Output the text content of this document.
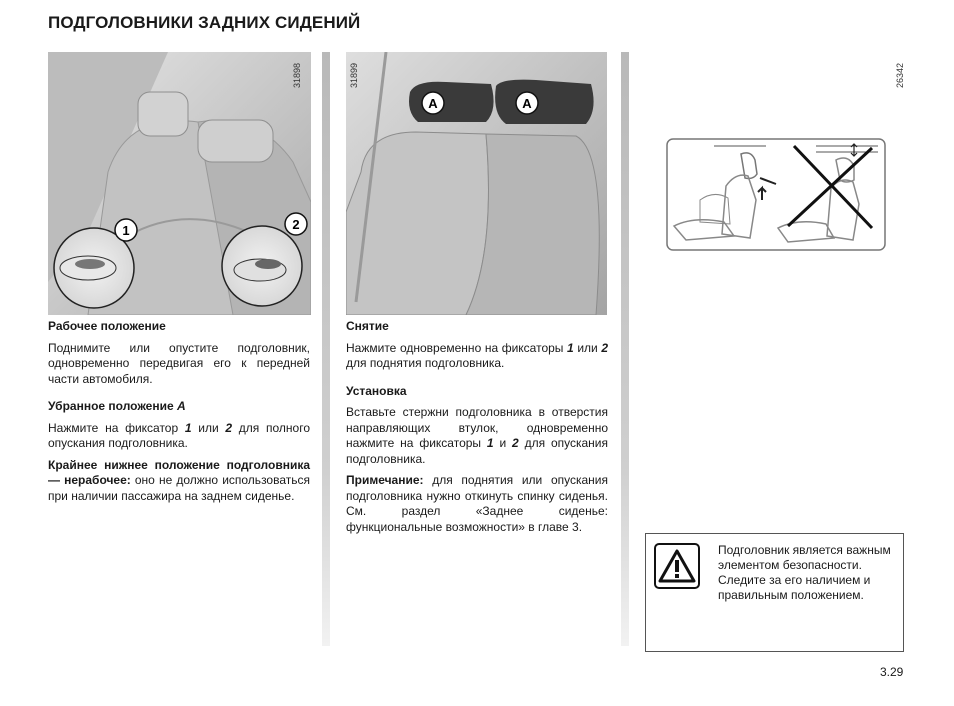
ПОДГОЛОВНИКИ ЗАДНИХ СИДЕНИЙ
1	2
31898
A	A
31899	26342

Рабочее положение

Поднимите или опустите подголовник, одновременно передвигая его к передней части автомобиля.

Убранное положение A

Нажмите на фиксатор 1 или 2 для полного опускания подголовника.

Крайнее нижнее положение подголовника — нерабочее: оно не должно использоваться при наличии пассажира на заднем сиденье.

Снятие

Нажмите одновременно на фиксаторы 1 или 2 для поднятия подголовника.

Установка

Вставьте стержни подголовника в отверстия направляющих втулок, одновременно нажмите на фиксаторы 1 и 2 для опускания подголовника.

Примечание: для поднятия или опускания подголовника нужно откинуть спинку сиденья. См. раздел «Заднее сиденье: функциональные возможности» в главе 3.

Подголовник является важным элементом безопасности. Следите за его наличием и правильным положением.

3.29
